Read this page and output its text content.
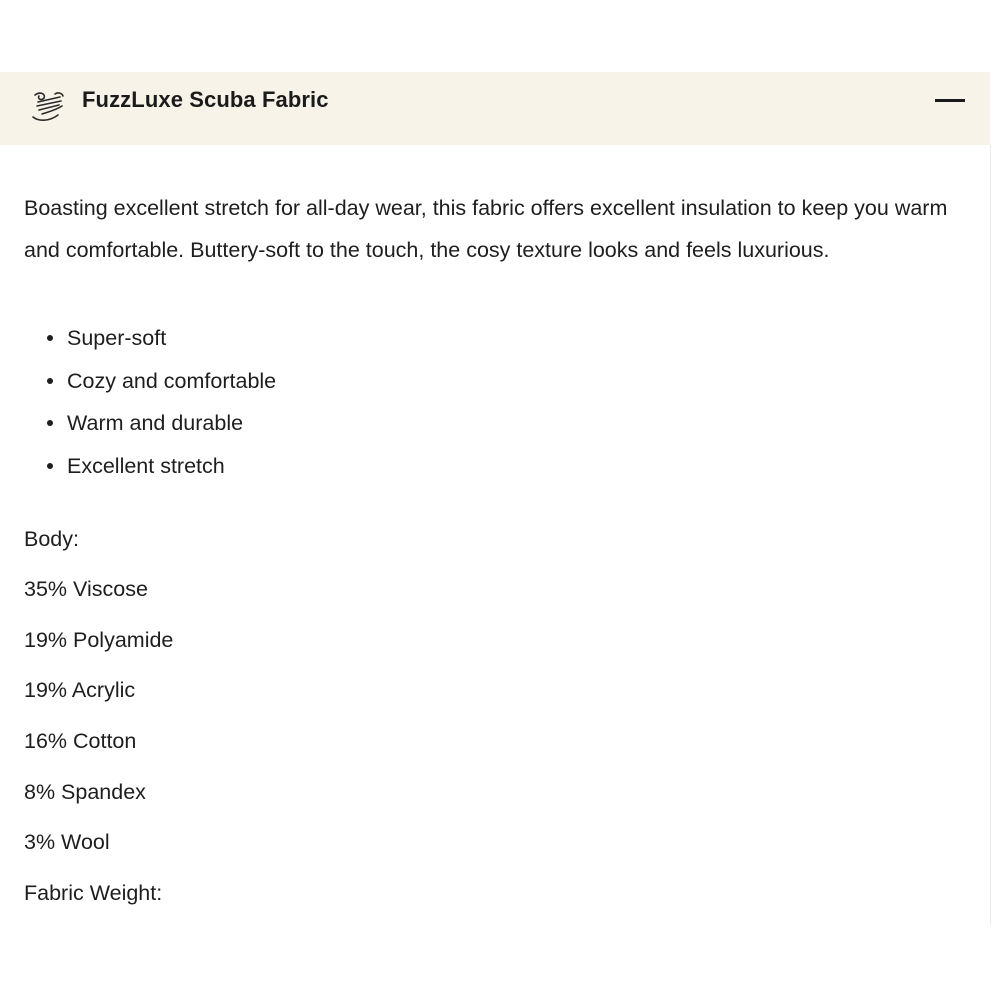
FuzzLuxe Scuba Fabric
Boasting excellent stretch for all-day wear, this fabric offers excellent insulation to keep you warm and comfortable. Buttery-soft to the touch, the cosy texture looks and feels luxurious.
Super-soft
Cozy and comfortable
Warm and durable
Excellent stretch
Body:
35% Viscose
19% Polyamide
19% Acrylic
16% Cotton
8% Spandex
3% Wool
Fabric Weight:
